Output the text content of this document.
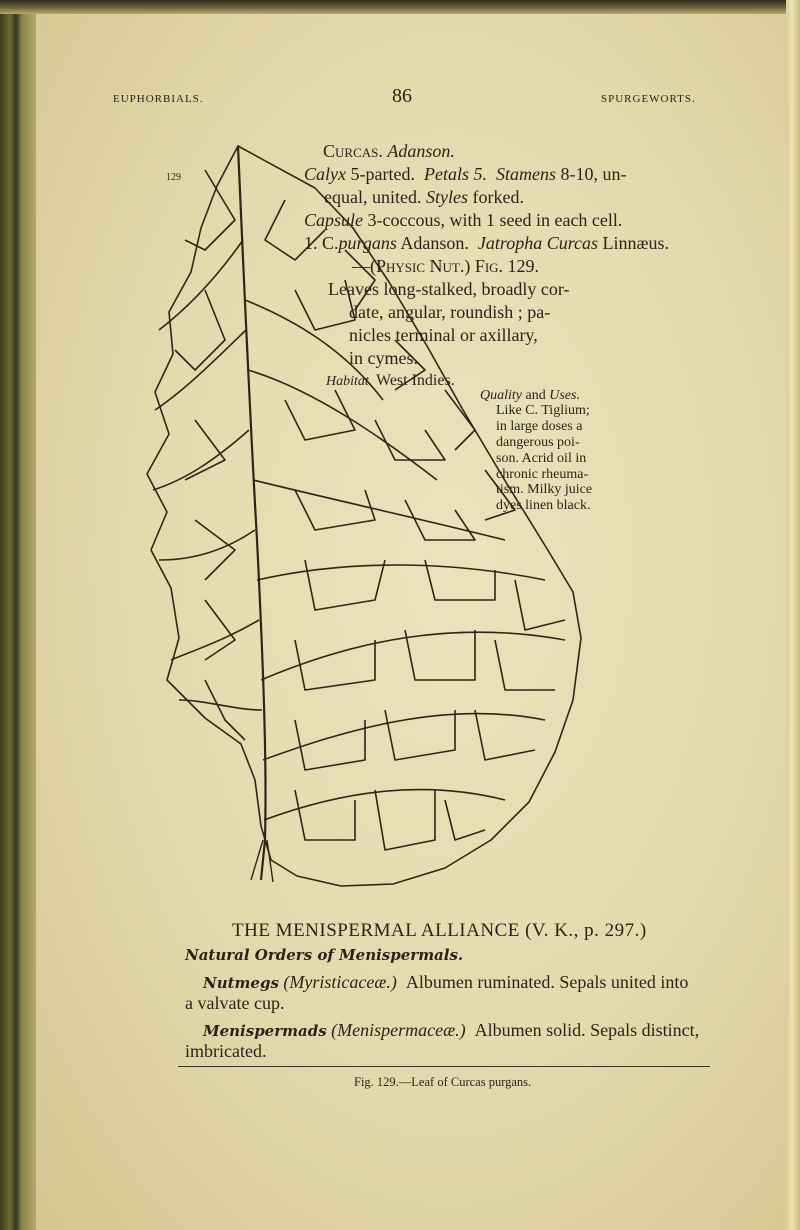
EUPHORBIALS.	86	SPURGEWORTS.
129
Curcas. Adanson.
Calyx 5-parted. Petals 5. Stamens 8-10, un-
equal, united. Styles forked.
Capsule 3-coccous, with 1 seed in each cell.
1. C.purgans Adanson. Jatropha Curcas Linnæus.
—(Physic Nut.) Fig. 129.
Leaves long-stalked, broadly cor-
date, angular, roundish ; pa-
nicles terminal or axillary,
in cymes.
Habitat. West Indies.
Quality and Uses.
Like C. Tiglium;
in large doses a
dangerous poi-
son. Acrid oil in
chronic rheuma-
tism. Milky juice
dyes linen black.
THE MENISPERMAL ALLIANCE (V. K., p. 297.)
Natural Orders of Menispermals.
Nutmegs (Myristicaceæ.) Albumen ruminated. Sepals united into
a valvate cup.
Menispermads (Menispermaceæ.) Albumen solid. Sepals distinct,
imbricated.
Fig. 129.—Leaf of Curcas purgans.
